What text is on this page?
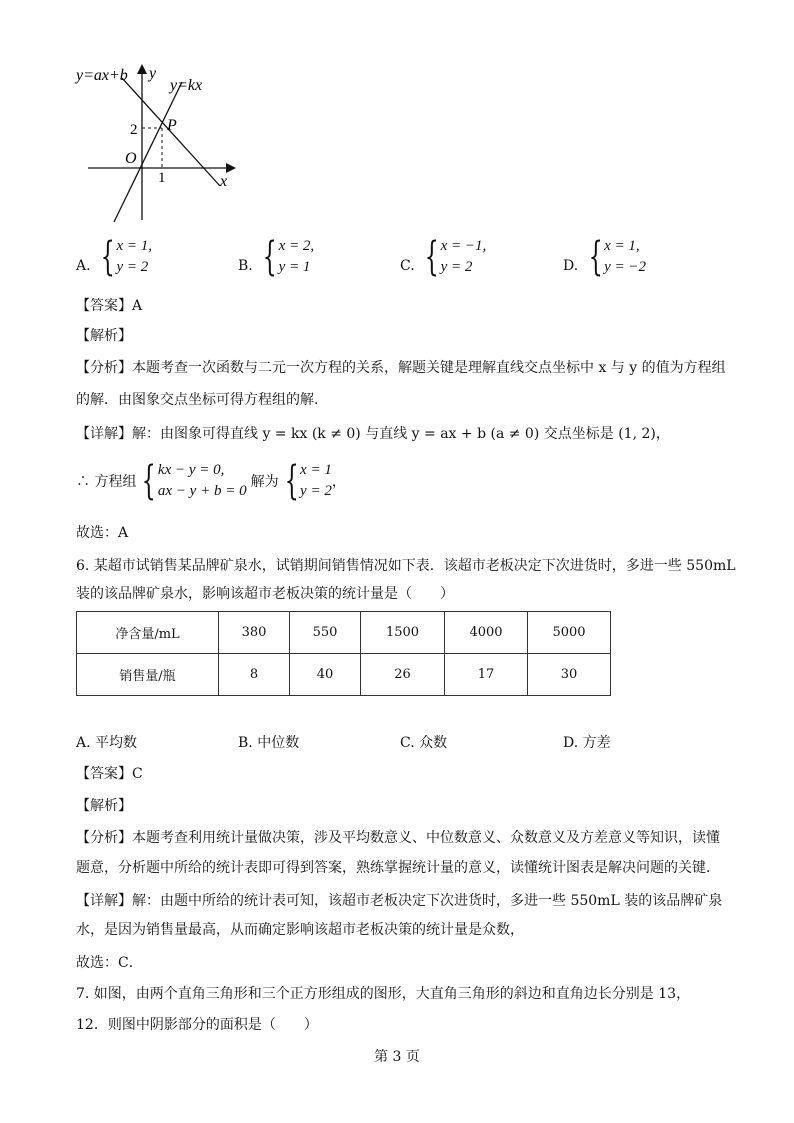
y=ax+b y
y=kx
P
2
O
1	x
A. { x = 1,
y = 2	B. { x = 2,
y = 1	C. { x = −1,
y = 2	D. { x = 1,
y = −2
【答案】A
【解析】
【分析】本题考查一次函数与二元一次方程的关系，解题关键是理解直线交点坐标中 x 与 y 的值为方程组
的解．由图象交点坐标可得方程组的解．
【详解】解：由图象可得直线 y = kx (k ≠ 0) 与直线 y = ax + b (a ≠ 0) 交点坐标是 (1, 2)，
∴ 方程组 { kx − y = 0,
ax − y + b = 0
解为 { x = 1
y = 2
，
故选：A
6. 某超市试销售某品牌矿泉水，试销期间销售情况如下表．该超市老板决定下次进货时，多进一些 550mL
装的该品牌矿泉水，影响该超市老板决策的统计量是（　　）
净含量/mL	380	550	1500	4000	5000
销售量/瓶	8	40	26	17	30
A. 平均数	B. 中位数	C. 众数	D. 方差
【答案】C
【解析】
【分析】本题考查利用统计量做决策，涉及平均数意义、中位数意义、众数意义及方差意义等知识，读懂
题意，分析题中所给的统计表即可得到答案，熟练掌握统计量的意义，读懂统计图表是解决问题的关键．
【详解】解：由题中所给的统计表可知，该超市老板决定下次进货时，多进一些 550mL 装的该品牌矿泉
水，是因为销售量最高，从而确定影响该超市老板决策的统计量是众数，
故选：C．
7. 如图，由两个直角三角形和三个正方形组成的图形，大直角三角形的斜边和直角边长分别是 13，
12．则图中阴影部分的面积是（　　）
第 3 页
